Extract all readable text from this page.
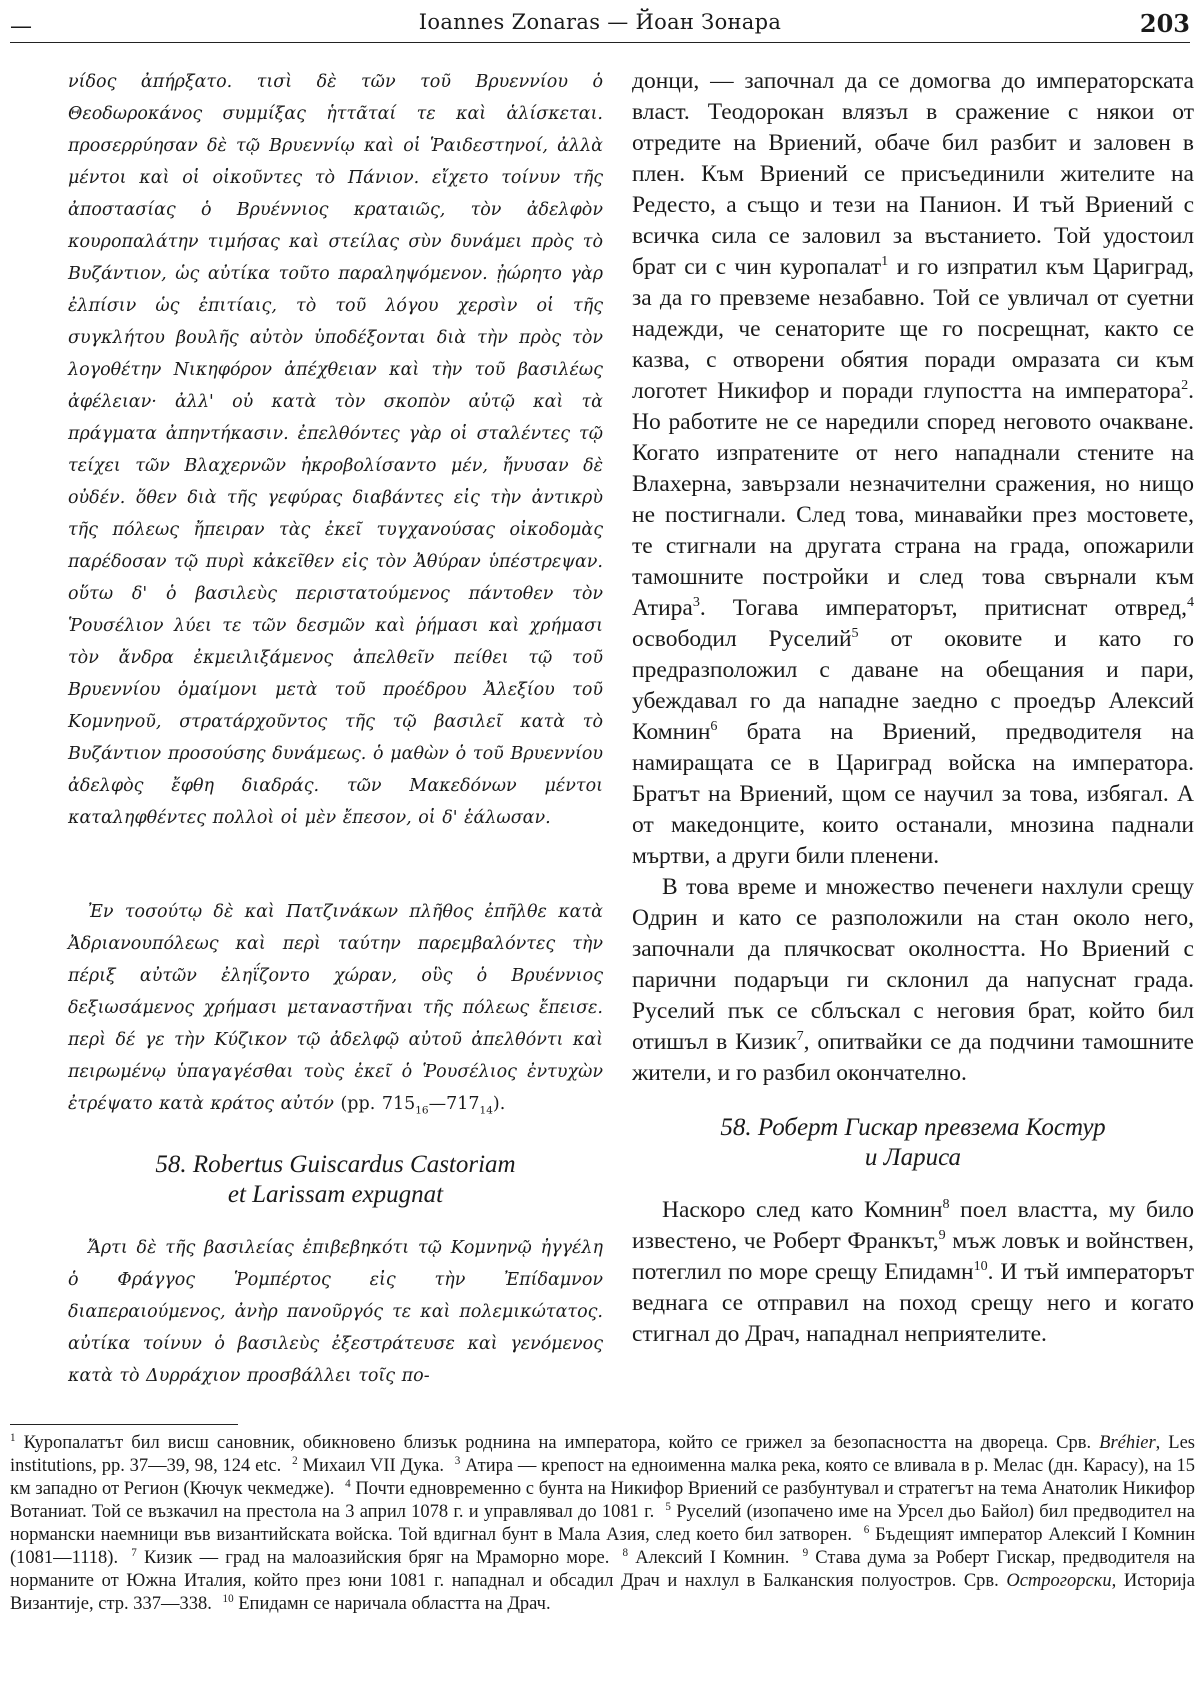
—	Ioannes Zonaras — Йоан Зонара	203

νίδος ἀπήρξατο. τισὶ δὲ τῶν τοῦ Βρυεννίου ὁ Θεοδωροκάνος συμμίξας ἡττᾶταί τε καὶ ἁλίσκεται. προσερρύησαν δὲ τῷ Βρυεννίῳ καὶ οἱ Ῥαιδεστηνοί, ἀλλὰ μέντοι καὶ οἱ οἰκοῦντες τὸ Πάνιον. εἴχετο τοίνυν τῆς ἀποστασίας ὁ Βρυέννιος κραταιῶς, τὸν ἀδελφὸν κουροπαλάτην τιμήσας καὶ στείλας σὺν δυνάμει πρὸς τὸ Βυζάντιον, ὡς αὐτίκα τοῦτο παραληψόμενον. ᾐώρητο γὰρ ἐλπίσιν ὡς ἐπιτίαις, τὸ τοῦ λόγου χερσὶν οἱ τῆς συγκλήτου βουλῆς αὐτὸν ὑποδέξονται διὰ τὴν πρὸς τὸν λογοθέτην Νικηφόρον ἀπέχθειαν καὶ τὴν τοῦ βασιλέως ἀφέλειαν· ἀλλ' οὐ κατὰ τὸν σκοπὸν αὐτῷ καὶ τὰ πράγματα ἀπηντήκασιν. ἐπελθόντες γὰρ οἱ σταλέντες τῷ τείχει τῶν Βλαχερνῶν ἠκροβολίσαντο μέν, ἤνυσαν δὲ οὐδέν. ὅθεν διὰ τῆς γεφύρας διαβάντες εἰς τὴν ἀντικρὺ τῆς πόλεως ἤπειραν τὰς ἐκεῖ τυγχανούσας οἰκοδομὰς παρέδοσαν τῷ πυρὶ κἀκεῖθεν εἰς τὸν Ἀθύραν ὑπέστρεψαν. οὕτω δ' ὁ βασιλεὺς περιστατούμενος πάντοθεν τὸν Ῥουσέλιον λύει τε τῶν δεσμῶν καὶ ῥήμασι καὶ χρήμασι τὸν ἄνδρα ἐκμειλιξάμενος ἀπελθεῖν πείθει τῷ τοῦ Βρυεννίου ὁμαίμονι μετὰ τοῦ προέδρου Ἀλεξίου τοῦ Κομνηνοῦ, στρατάρχοῦντος τῆς τῷ βασιλεῖ κατὰ τὸ Βυζάντιον προσούσης δυνάμεως. ὁ μαθὼν ὁ τοῦ Βρυεννίου ἀδελφὸς ἔφθη διαδράς. τῶν Μακεδόνων μέντοι καταληφθέντες πολλοὶ οἱ μὲν ἔπεσον, οἱ δ' ἑάλωσαν.

Ἐν τοσούτῳ δὲ καὶ Πατζινάκων πλῆθος ἐπῆλθε κατὰ Ἀδριανουπόλεως καὶ περὶ ταύτην παρεμβαλόντες τὴν πέριξ αὐτῶν ἐληΐζοντο χώραν, οὓς ὁ Βρυέννιος δεξιωσάμενος χρήμασι μεταναστῆναι τῆς πόλεως ἔπεισε. περὶ δέ γε τὴν Κύζικον τῷ ἀδελφῷ αὐτοῦ ἀπελθόντι καὶ πειρωμένῳ ὑπαγαγέσθαι τοὺς ἐκεῖ ὁ Ῥουσέλιος ἐντυχὼν ἐτρέψατο κατὰ κράτος αὐτόν (pp. $715_{16}—717_{14}$).

58. Robertus Guiscardus Castoriam

et Larissam expugnat

Ἄρτι δὲ τῆς βασιλείας ἐπιβεβηκότι τῷ Κομνηνῷ ἠγγέλη ὁ Φράγγος Ῥομπέρτος εἰς τὴν Ἐπίδαμνον διαπεραιούμενος, ἀνὴρ πανοῦργός τε καὶ πολεμικώτατος. αὐτίκα τοίνυν ὁ βασιλεὺς ἐξεστράτευσε καὶ γενόμενος κατὰ τὸ Δυρράχιον προσβάλλει τοῖς πο-

донци, — започнал да се домогва до императорската власт. Теодорокан влязъл в сражение с някои от отредите на Вриений, обаче бил разбит и заловен в плен. Към Вриений се присъединили жителите на Редесто, а също и тези на Панион. И тъй Вриений с всичка сила се заловил за въстанието. Той удостоил брат си с чин куропалат$^1$ и го изпратил към Цариград, за да го превземе незабавно. Той се увличал от суетни надежди, че сенаторите ще го посрещнат, както се казва, с отворени обятия поради омразата си към логотет Никифор и поради глупостта на императора$^2$. Но работите не се наредили според неговото очакване. Когато изпратените от него нападнали стените на Влахерна, завързали незначителни сражения, но нищо не постигнали. След това, минавайки през мостовете, те стигнали на другата страна на града, опожарили тамошните постройки и след това свърнали към Атира$^3$. Тогава императорът, притиснат отвред,$^4$ освободил Руселий$^5$ от оковите и като го предразположил с даване на обещания и пари, убеждавал го да нападне заедно с проедър Алексий Комнин$^6$ брата на Вриений, предводителя на намиращата се в Цариград войска на императора. Братът на Вриений, щом се научил за това, избягал. А от македонците, които останали, мнозина паднали мъртви, а други били пленени.

В това време и множество печенеги нахлули срещу Одрин и като се разположили на стан около него, започнали да плячкосват околността. Но Вриений с парични подаръци ги склонил да напуснат града. Руселий пък се сблъскал с неговия брат, който бил отишъл в Кизик$^7$, опитвайки се да подчини тамошните жители, и го разбил окончателно.

58. Роберт Гискар превзема Костур

и Лариса

Наскоро след като Комнин$^8$ поел властта, му било известено, че Роберт Франкът,$^9$ мъж ловък и войнствен, потеглил по море срещу Епидамн$^{10}$. И тъй императорът веднага се отправил на поход срещу него и когато стигнал до Драч, нападнал неприятелите.

$^1$ Куропалатът бил висш сановник, обикновено близък роднина на императора, който се грижел за безопасността на двореца. Срв. Bréhier, Les institutions, pp. 37—39, 98, 124 etc. $^2$ Михаил VII Дука. $^3$ Атира — крепост на едноименна малка река, която се вливала в р. Мелас (дн. Карасу), на 15 км западно от Регион (Кючук чекмедже). $^4$ Почти едновременно с бунта на Никифор Вриений се разбунтувал и стратегът на тема Анатолик Никифор Вотаниат. Той се възкачил на престола на 3 април 1078 г. и управлявал до 1081 г. $^5$ Руселий (изопачено име на Урсел дьо Байол) бил предводител на нормански наемници във византийската войска. Той вдигнал бунт в Мала Азия, след което бил затворен. $^6$ Бъдещият император Алексий I Комнин (1081—1118). $^7$ Кизик — град на малоазийския бряг на Мраморно море. $^8$ Алексий I Комнин. $^9$ Става дума за Роберт Гискар, предводителя на норманите от Южна Италия, който през юни 1081 г. нападнал и обсадил Драч и нахлул в Балканския полуостров. Срв. Острогорски, Историја Византије, стр. 337—338. $^{10}$ Епидамн се наричала областта на Драч.
